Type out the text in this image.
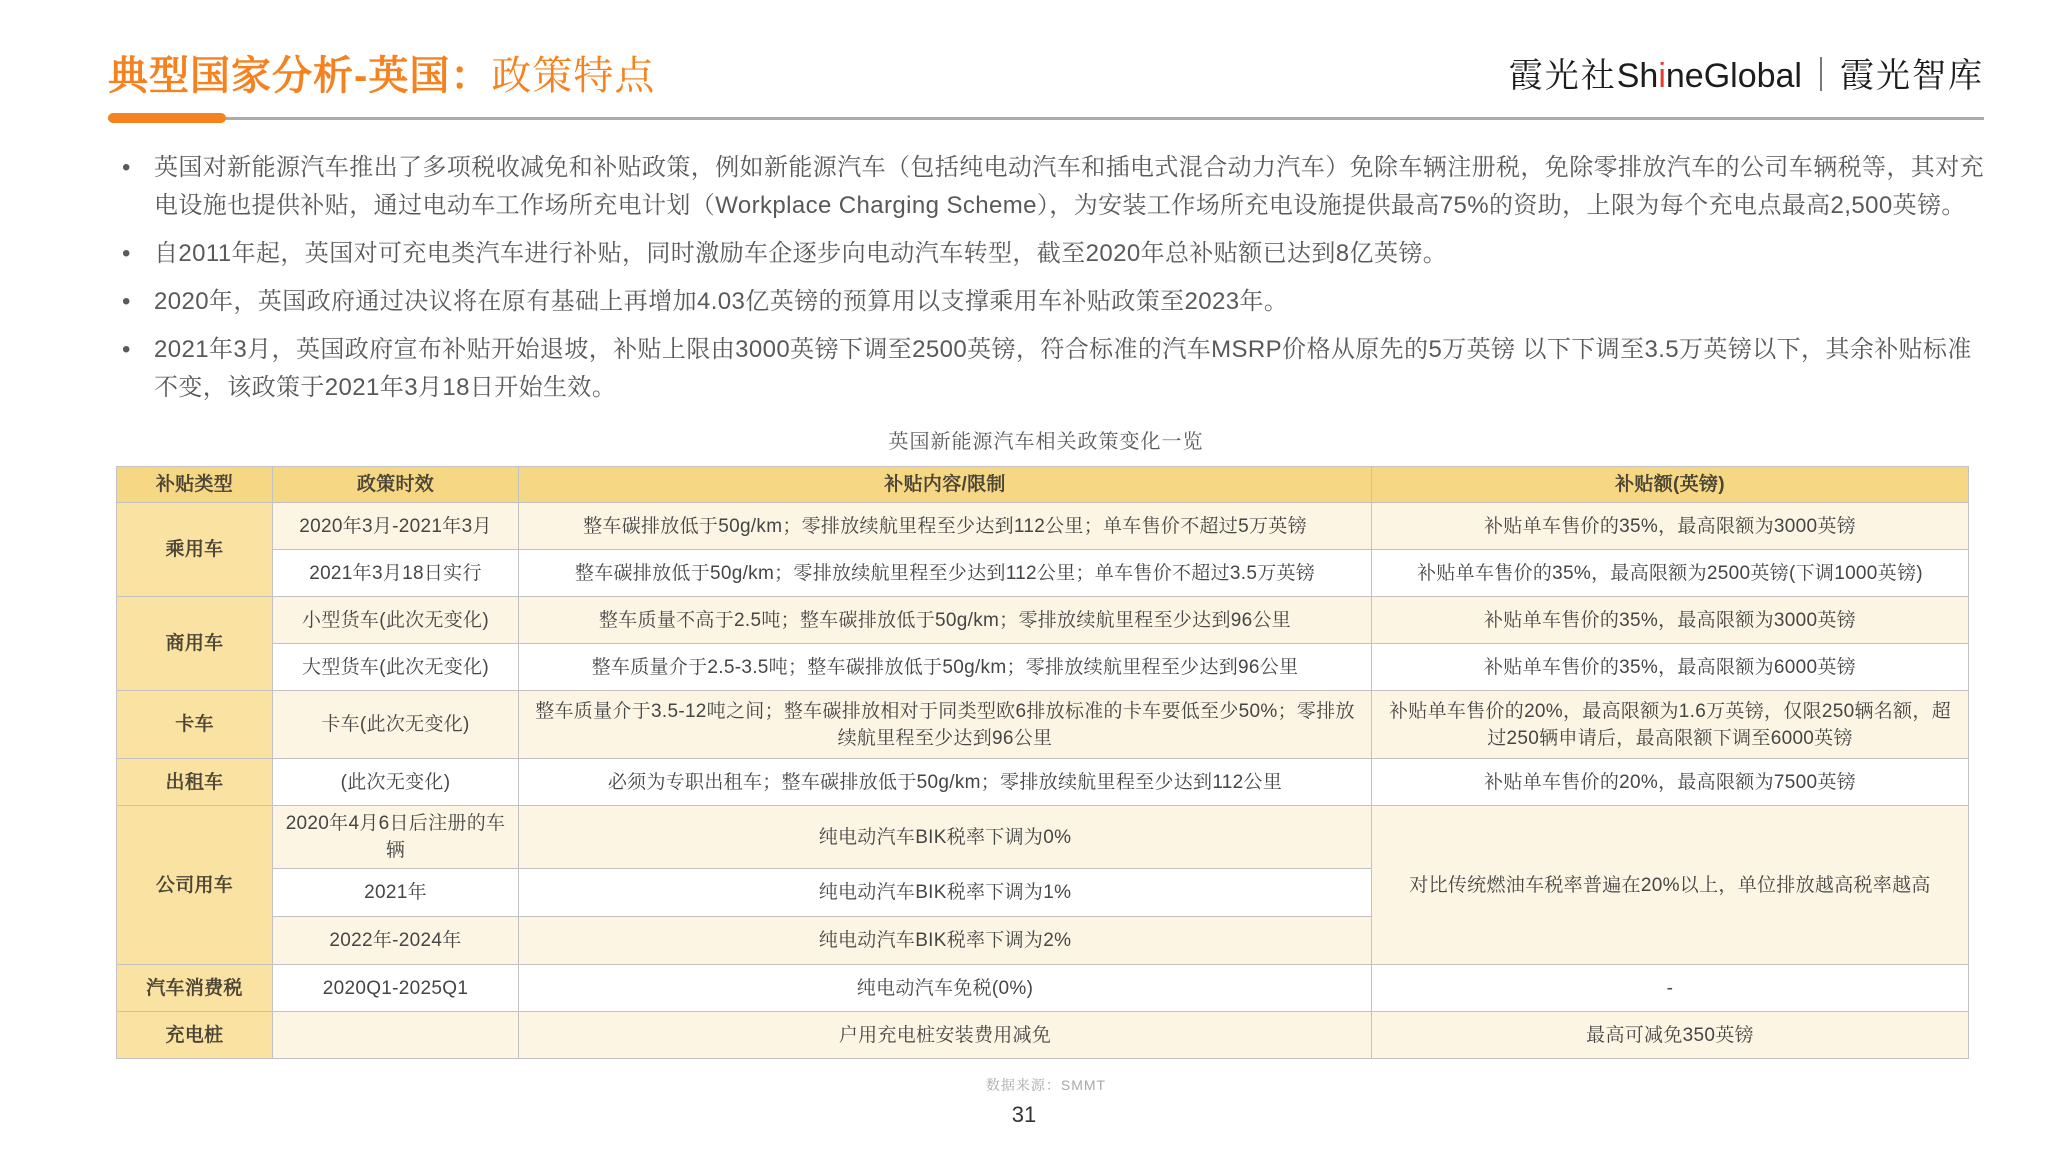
典型国家分析-英国：政策特点	霞光社ShineGlobal｜霞光智库
• 英国对新能源汽车推出了多项税收减免和补贴政策，例如新能源汽车（包括纯电动汽车和插电式混合动力汽车）免除车辆注册税，免除零排放汽车的公司车辆税等，其对充电设施也提供补贴，通过电动车工作场所充电计划（Workplace Charging Scheme），为安装工作场所充电设施提供最高75%的资助，上限为每个充电点最高2,500英镑。
• 自2011年起，英国对可充电类汽车进行补贴，同时激励车企逐步向电动汽车转型，截至2020年总补贴额已达到8亿英镑。
• 2020年，英国政府通过决议将在原有基础上再增加4.03亿英镑的预算用以支撑乘用车补贴政策至2023年。
• 2021年3月，英国政府宣布补贴开始退坡，补贴上限由3000英镑下调至2500英镑，符合标准的汽车MSRP价格从原先的5万英镑 以下下调至3.5万英镑以下，其余补贴标准不变，该政策于2021年3月18日开始生效。
英国新能源汽车相关政策变化一览
补贴类型	政策时效	补贴内容/限制	补贴额(英镑)
乘用车	2020年3月-2021年3月	整车碳排放低于50g/km；零排放续航里程至少达到112公里；单车售价不超过5万英镑	补贴单车售价的35%，最高限额为3000英镑
	2021年3月18日实行	整车碳排放低于50g/km；零排放续航里程至少达到112公里；单车售价不超过3.5万英镑	补贴单车售价的35%，最高限额为2500英镑(下调1000英镑)
商用车	小型货车(此次无变化)	整车质量不高于2.5吨；整车碳排放低于50g/km；零排放续航里程至少达到96公里	补贴单车售价的35%，最高限额为3000英镑
	大型货车(此次无变化)	整车质量介于2.5-3.5吨；整车碳排放低于50g/km；零排放续航里程至少达到96公里	补贴单车售价的35%，最高限额为6000英镑
卡车	卡车(此次无变化)	整车质量介于3.5-12吨之间；整车碳排放相对于同类型欧6排放标准的卡车要低至少50%；零排放续航里程至少达到96公里	补贴单车售价的20%，最高限额为1.6万英镑，仅限250辆名额，超过250辆申请后，最高限额下调至6000英镑
出租车	(此次无变化)	必须为专职出租车；整车碳排放低于50g/km；零排放续航里程至少达到112公里	补贴单车售价的20%，最高限额为7500英镑
公司用车	2020年4月6日后注册的车辆	纯电动汽车BIK税率下调为0%	对比传统燃油车税率普遍在20%以上，单位排放越高税率越高
	2021年	纯电动汽车BIK税率下调为1%	
	2022年-2024年	纯电动汽车BIK税率下调为2%	
汽车消费税	2020Q1-2025Q1	纯电动汽车免税(0%)	-
充电桩		户用充电桩安装费用减免	最高可减免350英镑
数据来源：SMMT
31
